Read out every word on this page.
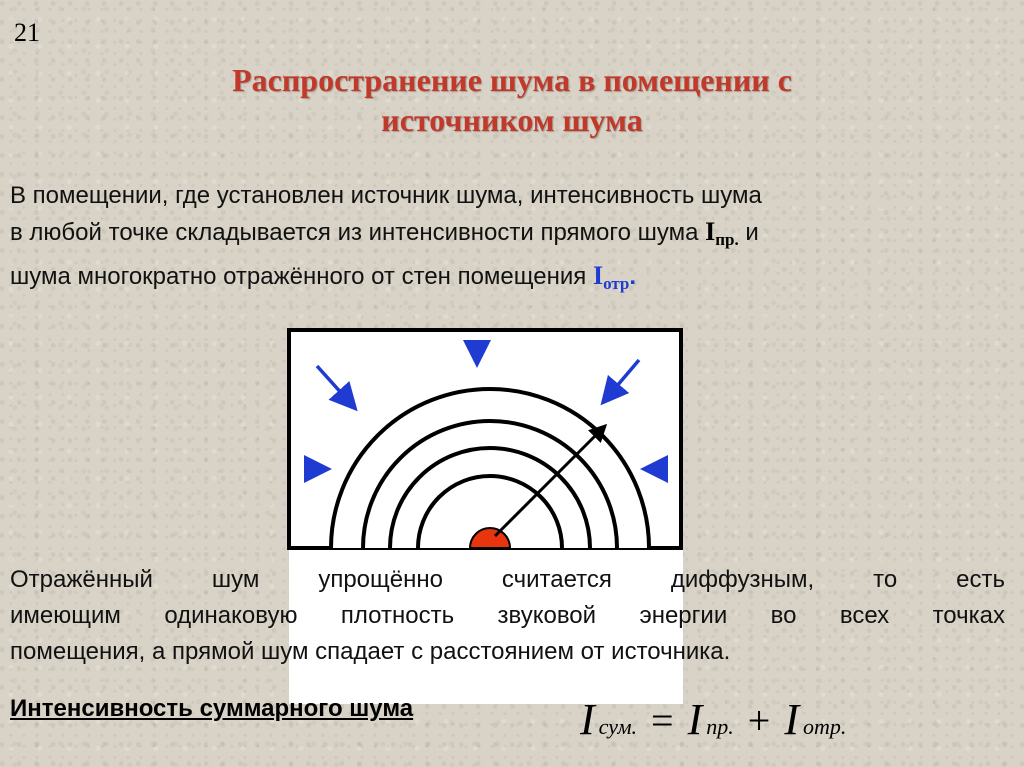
21
Распространение шума в помещении с
источником шума
В помещении, где установлен источник шума, интенсивность шума
в любой точке складывается из интенсивности прямого шума $I_{пр.}$ и
шума многократно отражённого от стен помещения $I_{отр}$.
Отражённый шум упрощённо считается диффузным, то есть
имеющим одинаковую плотность звуковой энергии во всех точках
помещения, а прямой шум спадает с расстоянием от источника.
Интенсивность суммарного шума	I сум. = I пр. + I отр.
